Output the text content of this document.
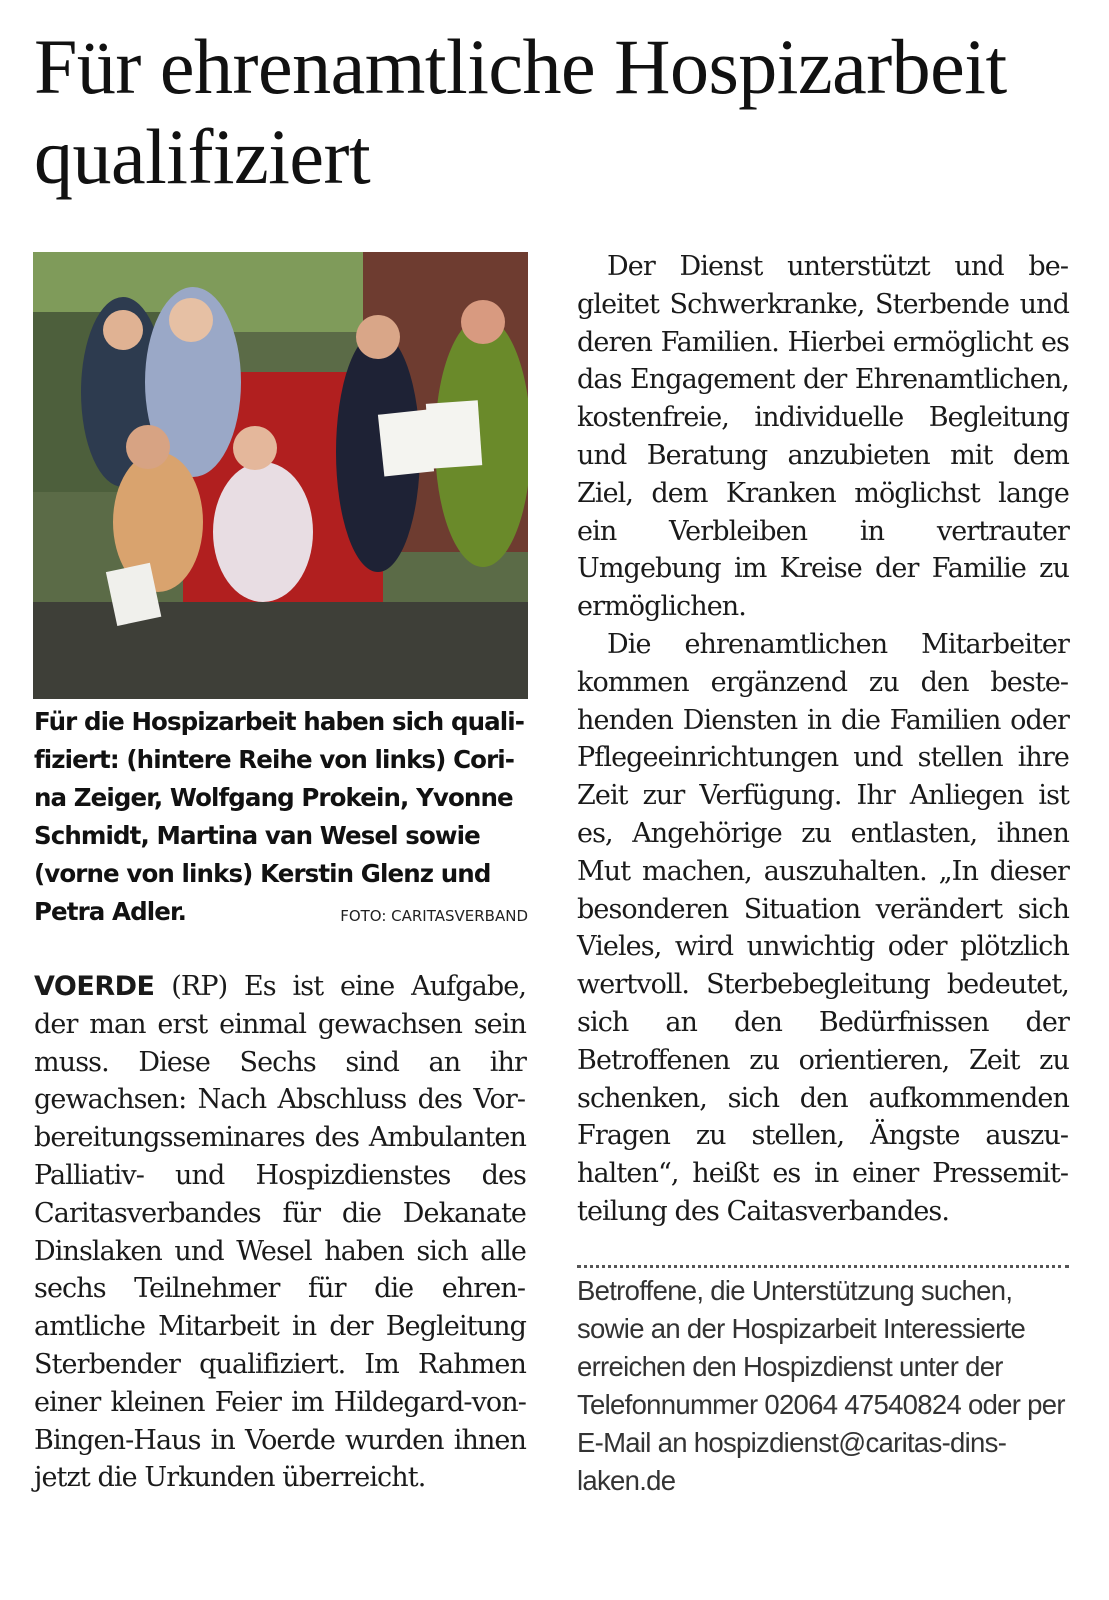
Für ehrenamtliche Hospizarbeit qualifiziert
Für die Hospizarbeit haben sich qualifiziert: (hintere Reihe von links) Corina Zeiger, Wolfgang Prokein, Yvonne Schmidt, Martina van Wesel sowie (vorne von links) Kerstin Glenz und Petra Adler.	FOTO: CARITASVERBAND

VOERDE (RP) Es ist eine Aufgabe, der man erst einmal gewachsen sein muss. Diese Sechs sind an ihr gewachsen: Nach Abschluss des Vorbereitungsseminares des Ambulanten Palliativ- und Hospizdienstes des Caritasverbandes für die Dekanate Dinslaken und Wesel haben sich alle sechs Teilnehmer für die ehrenamtliche Mitarbeit in der Begleitung Sterbender qualifiziert. Im Rahmen einer kleinen Feier im Hildegard-von-Bingen-Haus in Voerde wurden ihnen jetzt die Urkunden überreicht.

Der Dienst unterstützt und begleitet Schwerkranke, Sterbende und deren Familien. Hierbei ermöglicht es das Engagement der Ehrenamtlichen, kostenfreie, individuelle Begleitung und Beratung anzubieten mit dem Ziel, dem Kranken möglichst lange ein Verbleiben in vertrauter Umgebung im Kreise der Familie zu ermöglichen.

Die ehrenamtlichen Mitarbeiter kommen ergänzend zu den bestehenden Diensten in die Familien oder Pflegeeinrichtungen und stellen ihre Zeit zur Verfügung. Ihr Anliegen ist es, Angehörige zu entlasten, ihnen Mut machen, auszuhalten. „In dieser besonderen Situation verändert sich Vieles, wird unwichtig oder plötzlich wertvoll. Sterbebegleitung bedeutet, sich an den Bedürfnissen der Betroffenen zu orientieren, Zeit zu schenken, sich den aufkommenden Fragen zu stellen, Ängste auszuhalten“, heißt es in einer Pressemitteilung des Caitasverbandes.

Betroffene, die Unterstützung suchen, sowie an der Hospizarbeit Interessierte erreichen den Hospizdienst unter der Telefonnummer 02064 47540824 oder per E-Mail an hospizdienst@caritas-dinslaken.de
